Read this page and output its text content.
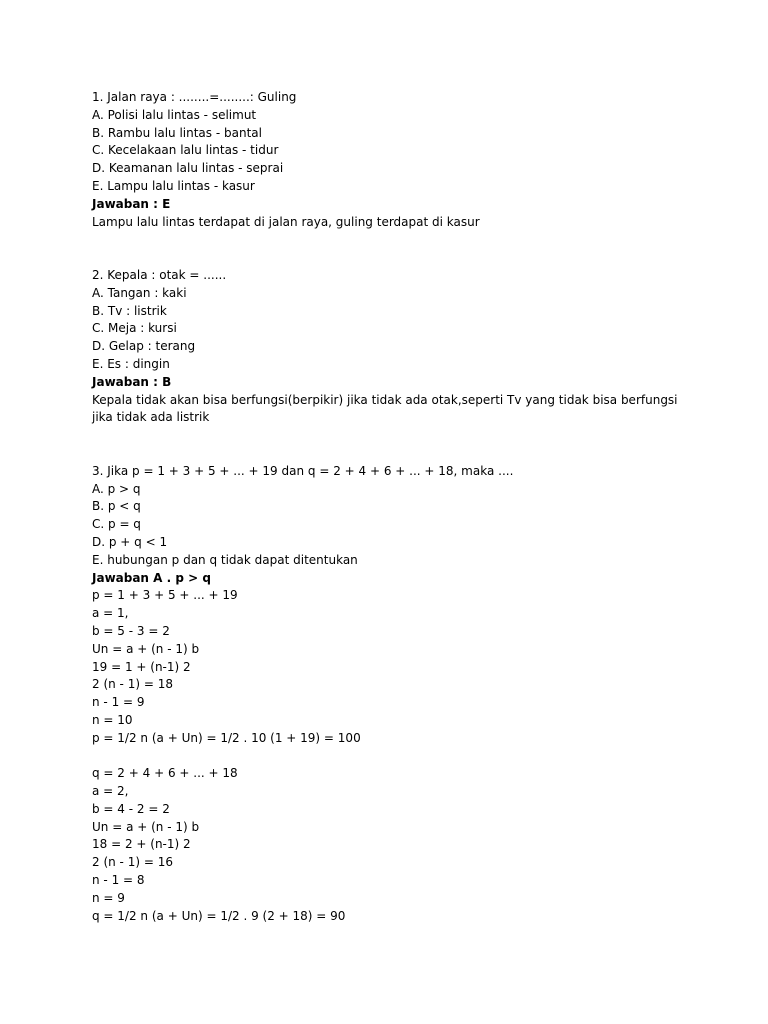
1. Jalan raya : ........=........: Guling
A. Polisi lalu lintas - selimut
B. Rambu lalu lintas - bantal
C. Kecelakaan lalu lintas - tidur
D. Keamanan lalu lintas - seprai
E. Lampu lalu lintas - kasur
Jawaban : E
Lampu lalu lintas terdapat di jalan raya, guling terdapat di kasur
2. Kepala : otak = ......
A. Tangan : kaki
B. Tv : listrik
C. Meja : kursi
D. Gelap : terang
E. Es : dingin
Jawaban : B
Kepala tidak akan bisa berfungsi(berpikir) jika tidak ada otak,seperti Tv yang tidak bisa berfungsi jika tidak ada listrik
3. Jika p = 1 + 3 + 5 + ... + 19 dan q = 2 + 4 + 6 + ... + 18, maka ....
A. p > q
B. p < q
C. p = q
D. p + q < 1
E. hubungan p dan q tidak dapat ditentukan
Jawaban A . p > q
p = 1 + 3 + 5 + ... + 19
a = 1,
b = 5 - 3 = 2
Un = a + (n - 1) b
19 = 1 + (n-1) 2
2 (n - 1) = 18
n - 1 = 9
n = 10
p = 1/2 n (a + Un) = 1/2 . 10 (1 + 19) = 100
q = 2 + 4 + 6 + ... + 18
a = 2,
b = 4 - 2 = 2
Un = a + (n - 1) b
18 = 2 + (n-1) 2
2 (n - 1) = 16
n - 1 = 8
n = 9
q = 1/2 n (a + Un) = 1/2 . 9 (2 + 18) = 90
